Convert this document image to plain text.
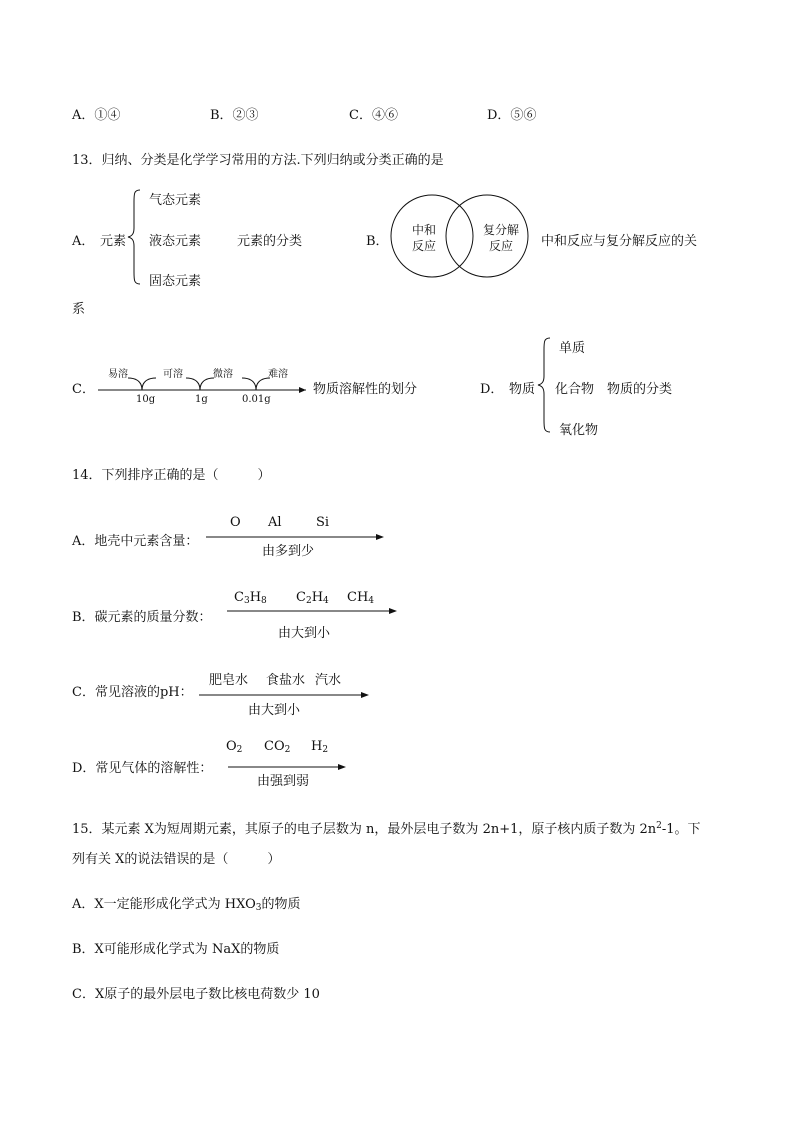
A．①④	B．②③	C．④⑥	D．⑤⑥
13．归纳、分类是化学学习常用的方法.下列归纳或分类正确的是
A． 元素
气态元素
液态元素	元素的分类
固态元素
B．
中和
反应
复分解
反应	中和反应与复分解反应的关
系
C．
易溶	可溶	微溶	难溶
10g	1g	0.01g
物质溶解性的划分	D． 物质
单质
化合物 物质的分类
氧化物
14．下列排序正确的是（　　　）
A．地壳中元素含量：
O Al	Si
由多到少
B．碳元素的质量分数：
$C_3H_8$ $C_2H_4$ $CH_4$
由大到小
C．常见溶液的pH：
肥皂水 食盐水 汽水
由大到小
D．常见气体的溶解性：
$O_2$ $CO_2$ $H_2$
由强到弱
15．某元素 X为短周期元素，其原子的电子层数为 n，最外层电子数为 2n+1，原子核内质子数为 $2n^2-1$。下
列有关 X的说法错误的是（　　　）
A．X一定能形成化学式为 $HXO_3$的物质
B．X可能形成化学式为 NaX的物质
C．X原子的最外层电子数比核电荷数少 10
